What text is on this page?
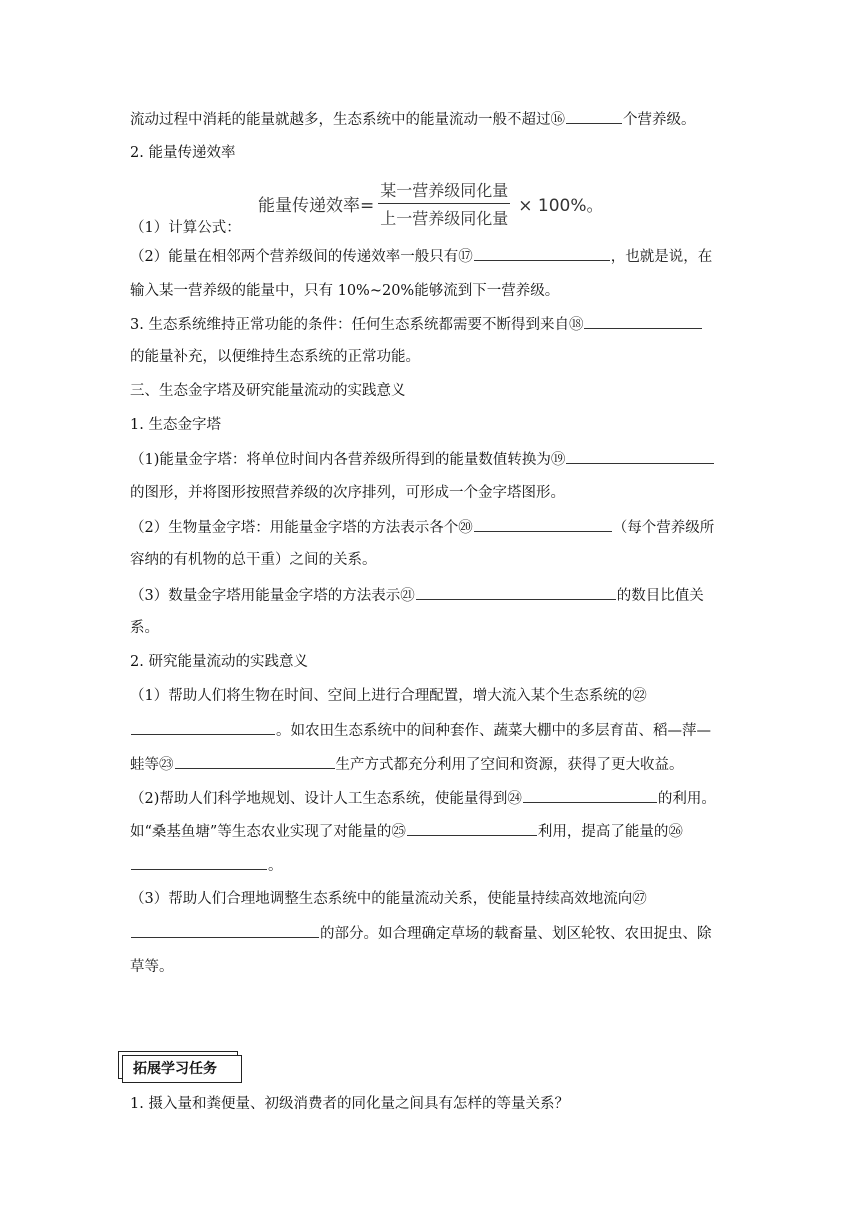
流动过程中消耗的能量就越多，生态系统中的能量流动一般不超过⑯	个营养级。
2. 能量传递效率
能量传递效率= $\frac{\text{某一营养级同化量}}{\text{上一营养级同化量}} \times 100\%$。
（1）计算公式：
（2）能量在相邻两个营养级间的传递效率一般只有⑰	，也就是说，在
输入某一营养级的能量中，只有 10%~20%能够流到下一营养级。
3. 生态系统维持正常功能的条件：任何生态系统都需要不断得到来自⑱
的能量补充，以便维持生态系统的正常功能。
三、生态金字塔及研究能量流动的实践意义
1. 生态金字塔
（1)能量金字塔：将单位时间内各营养级所得到的能量数值转换为⑲
的图形，并将图形按照营养级的次序排列，可形成一个金字塔图形。
（2）生物量金字塔：用能量金字塔的方法表示各个⑳	（每个营养级所
容纳的有机物的总干重）之间的关系。
（3）数量金字塔用能量金字塔的方法表示㉑	的数目比值关
系。
2. 研究能量流动的实践意义
（1）帮助人们将生物在时间、空间上进行合理配置，增大流入某个生态系统的㉒
。如农田生态系统中的间种套作、蔬菜大棚中的多层育苗、稻—萍—
蛙等㉓	生产方式都充分利用了空间和资源，获得了更大收益。
（2)帮助人们科学地规划、设计人工生态系统，使能量得到㉔	的利用。
如“桑基鱼塘”等生态农业实现了对能量的㉕	利用，提高了能量的㉖
。
（3）帮助人们合理地调整生态系统中的能量流动关系，使能量持续高效地流向㉗
的部分。如合理确定草场的载畜量、划区轮牧、农田捉虫、除
草等。
拓展学习任务
1. 摄入量和粪便量、初级消费者的同化量之间具有怎样的等量关系？
